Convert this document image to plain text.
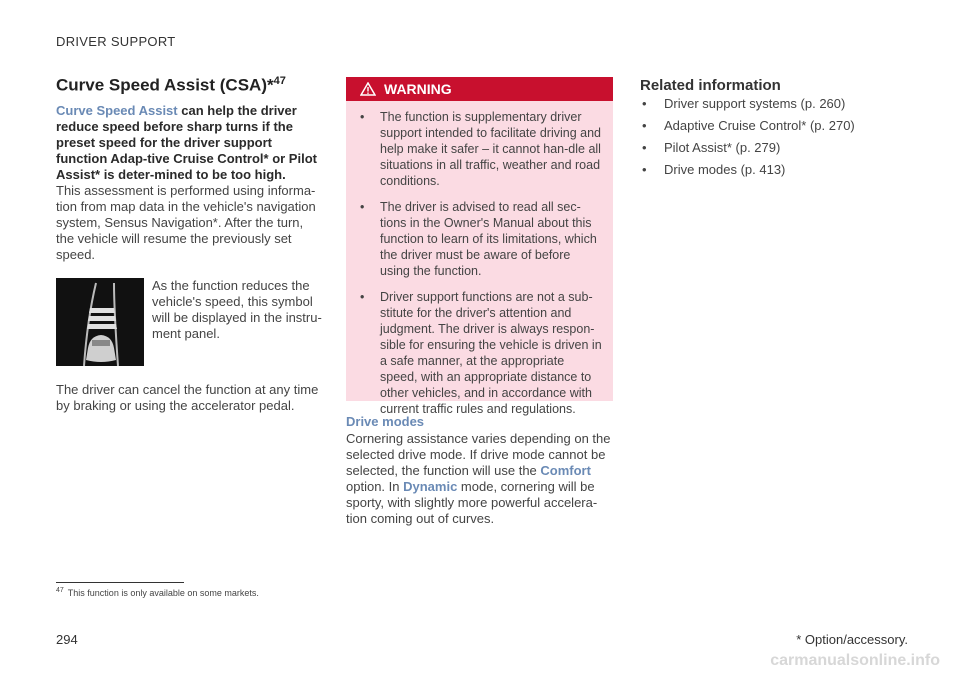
DRIVER SUPPORT
Curve Speed Assist (CSA)*$^{47}$

Curve Speed Assist can help the driver reduce speed before sharp turns if the preset speed for the driver support function Adap-tive Cruise Control* or Pilot Assist* is deter-mined to be too high.

This assessment is performed using informa-tion from map data in the vehicle's navigation system, Sensus Navigation*. After the turn, the vehicle will resume the previously set speed.

As the function reduces the vehicle's speed, this symbol will be displayed in the instru-ment panel.

The driver can cancel the function at any time by braking or using the accelerator pedal.

WARNING
• The function is supplementary driver support intended to facilitate driving and help make it safer – it cannot han-dle all situations in all traffic, weather and road conditions.
• The driver is advised to read all sec-tions in the Owner's Manual about this function to learn of its limitations, which the driver must be aware of before using the function.
• Driver support functions are not a sub-stitute for the driver's attention and judgment. The driver is always respon-sible for ensuring the vehicle is driven in a safe manner, at the appropriate speed, with an appropriate distance to other vehicles, and in accordance with current traffic rules and regulations.
Drive modes

Cornering assistance varies depending on the selected drive mode. If drive mode cannot be selected, the function will use the Comfort option. In Dynamic mode, cornering will be sporty, with slightly more powerful accelera-tion coming out of curves.

Related information
• Driver support systems (p. 260)
• Adaptive Cruise Control* (p. 270)
• Pilot Assist* (p. 279)
• Drive modes (p. 413)
$^{47}$ This function is only available on some markets.
294	* Option/accessory.
carmanualsonline.info
